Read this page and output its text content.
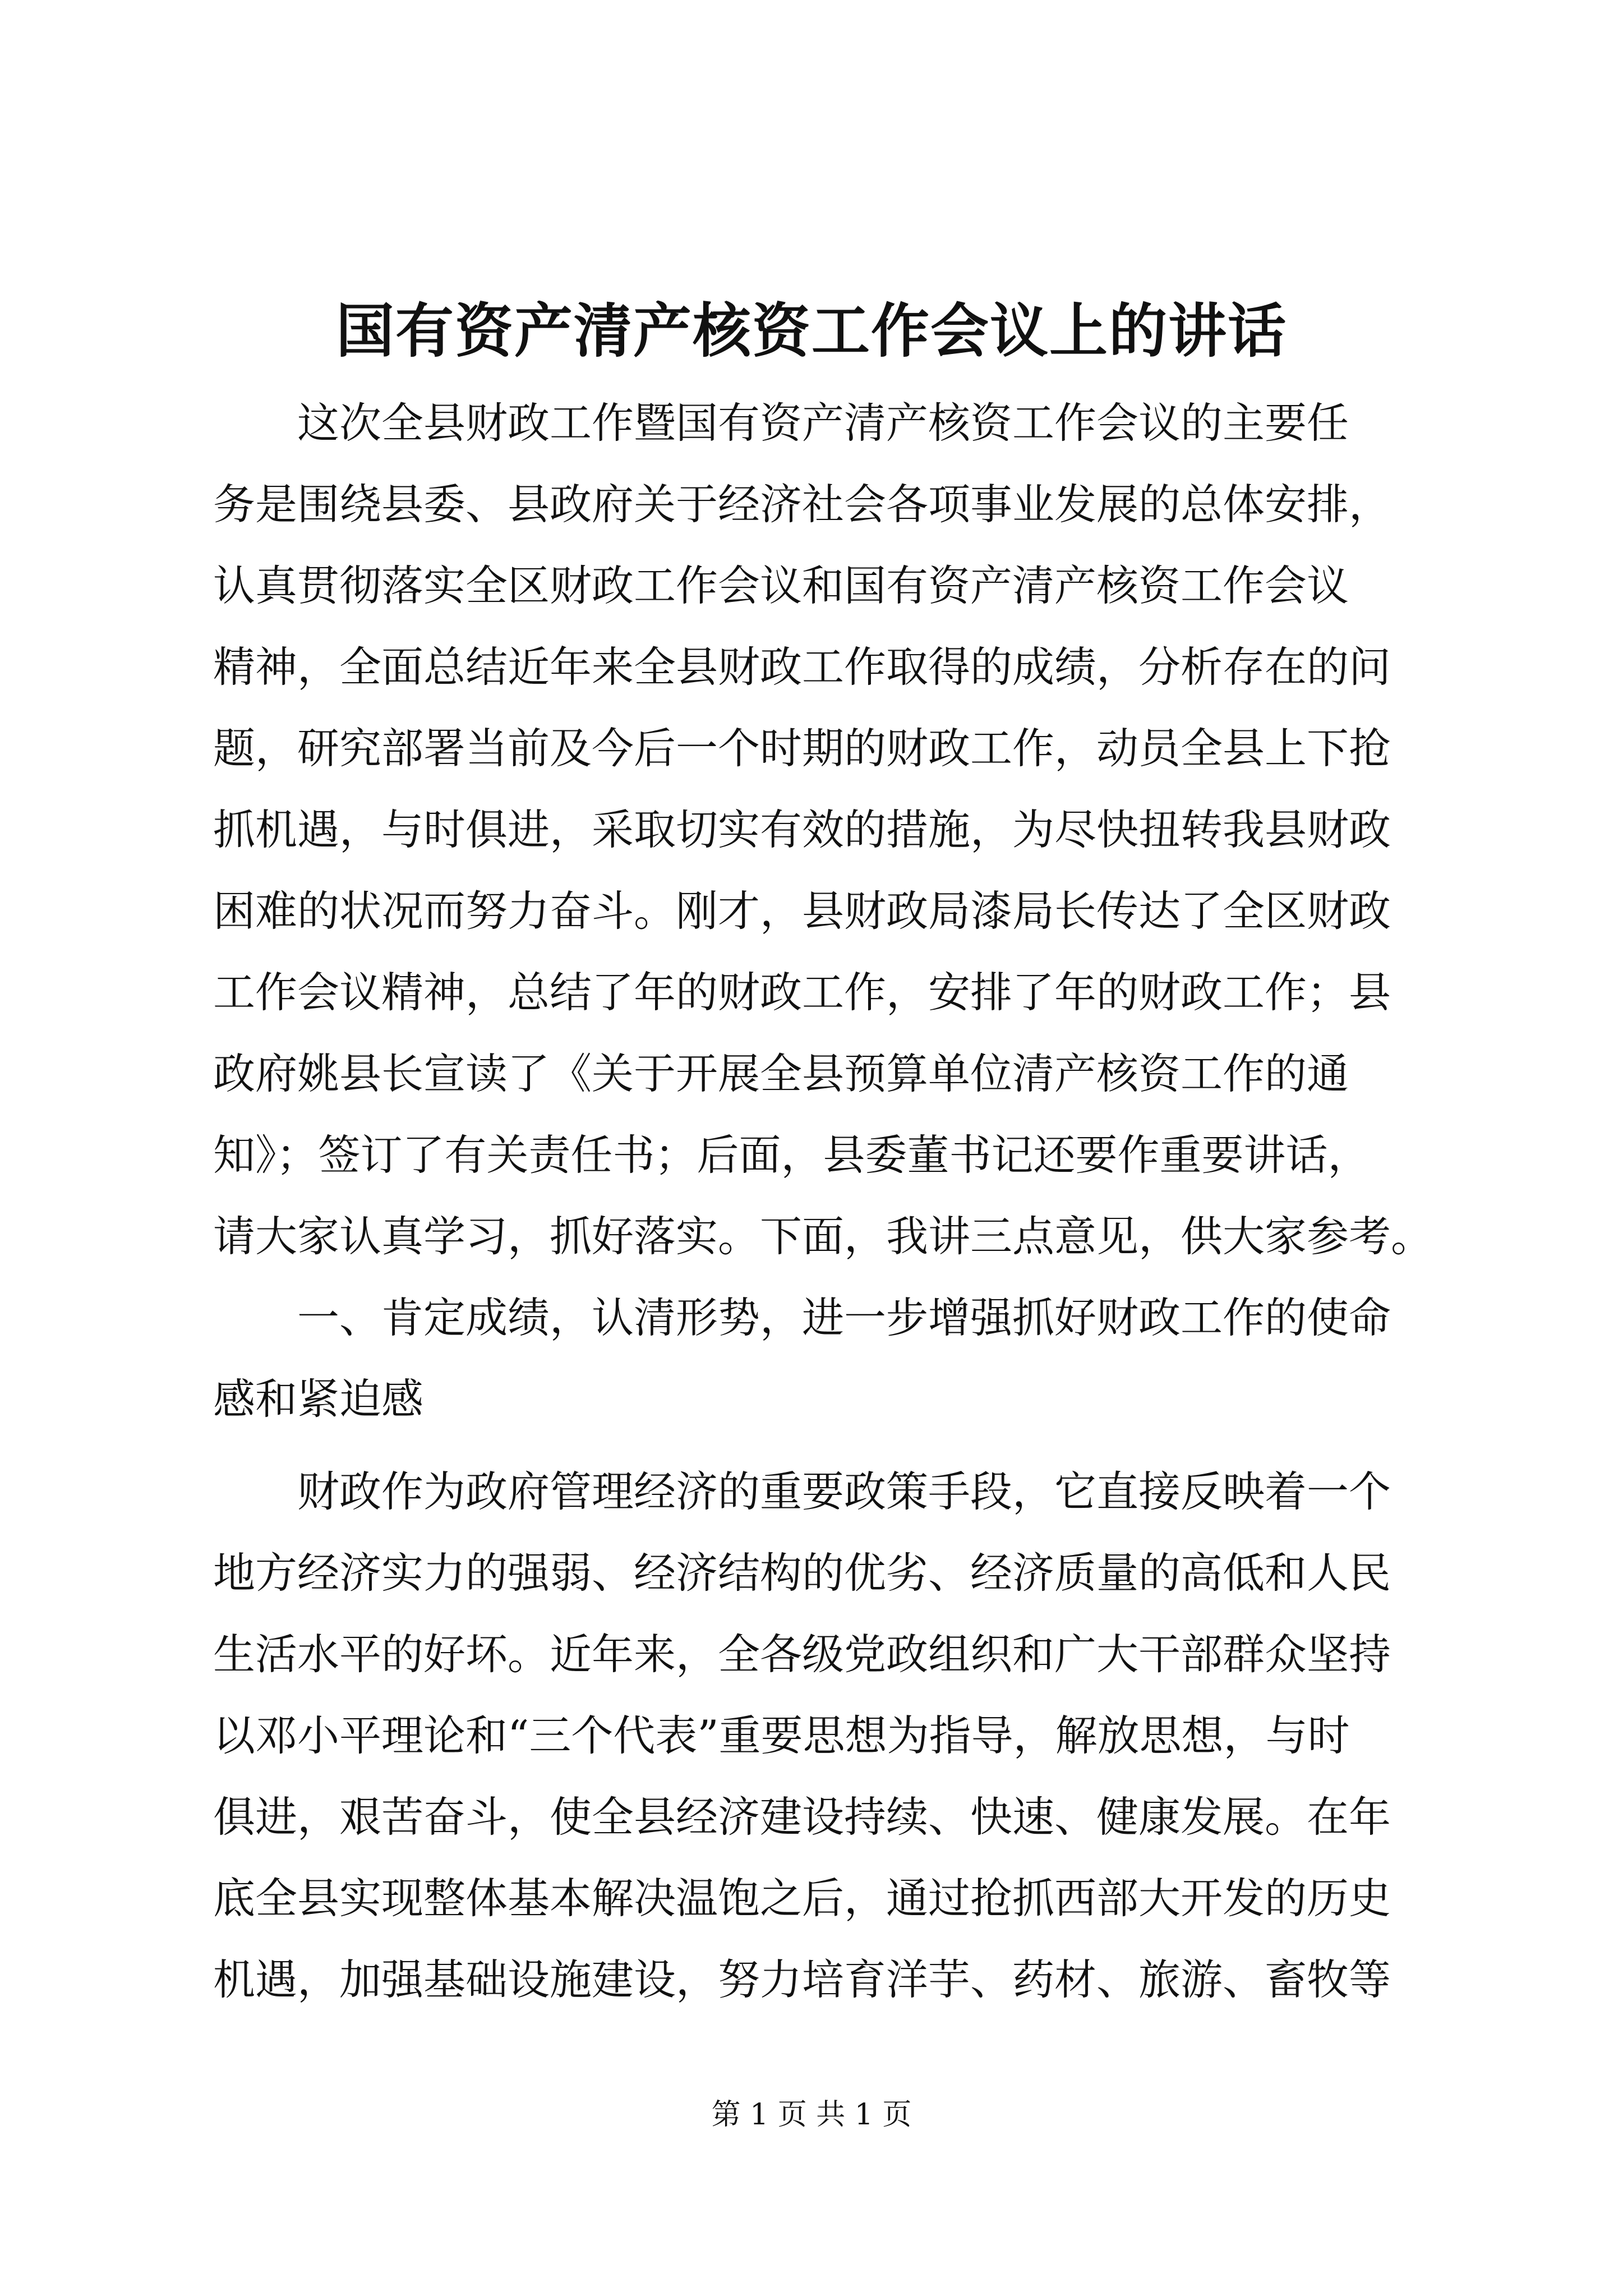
国有资产清产核资工作会议上的讲话
　　这次全县财政工作暨国有资产清产核资工作会议的主要任
务是围绕县委、县政府关于经济社会各项事业发展的总体安排，
认真贯彻落实全区财政工作会议和国有资产清产核资工作会议
精神，全面总结近年来全县财政工作取得的成绩，分析存在的问
题，研究部署当前及今后一个时期的财政工作，动员全县上下抢
抓机遇，与时俱进，采取切实有效的措施，为尽快扭转我县财政
困难的状况而努力奋斗。刚才，县财政局漆局长传达了全区财政
工作会议精神，总结了年的财政工作，安排了年的财政工作；县
政府姚县长宣读了《关于开展全县预算单位清产核资工作的通
知》；签订了有关责任书；后面，县委董书记还要作重要讲话，
请大家认真学习，抓好落实。下面，我讲三点意见，供大家参考。
　　一、肯定成绩，认清形势，进一步增强抓好财政工作的使命
感和紧迫感
　　财政作为政府管理经济的重要政策手段，它直接反映着一个
地方经济实力的强弱、经济结构的优劣、经济质量的高低和人民
生活水平的好坏。近年来，全各级党政组织和广大干部群众坚持
以邓小平理论和“三个代表”重要思想为指导，解放思想，与时
俱进，艰苦奋斗，使全县经济建设持续、快速、健康发展。在年
底全县实现整体基本解决温饱之后，通过抢抓西部大开发的历史
机遇，加强基础设施建设，努力培育洋芋、药材、旅游、畜牧等
第 1 页 共 1 页
